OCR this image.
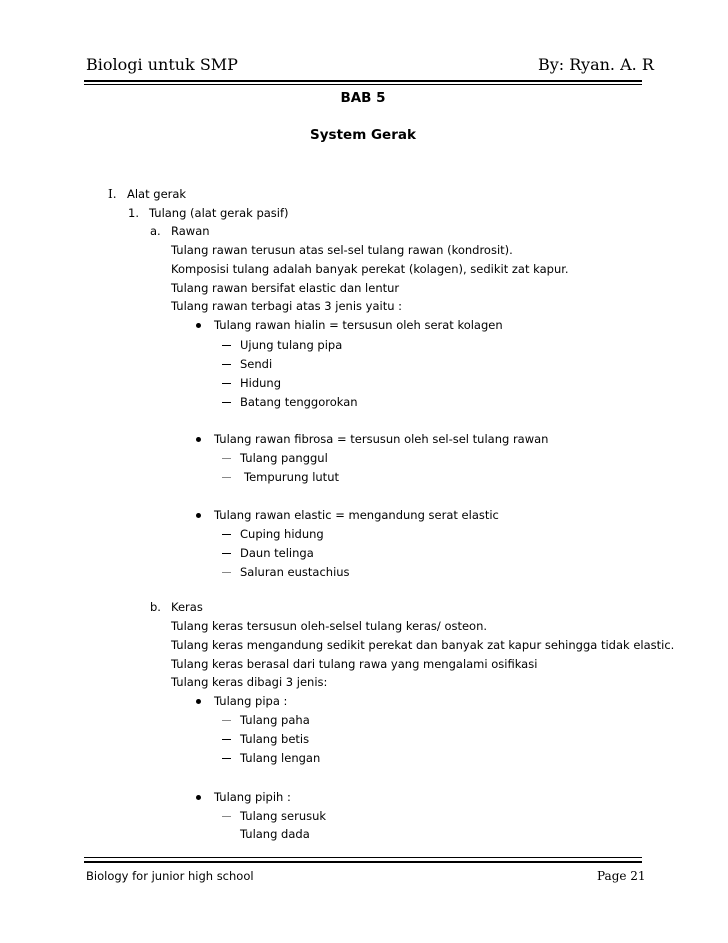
Biologi untuk SMP	By: Ryan. A. R
BAB 5
System Gerak
I. Alat gerak
1. Tulang (alat gerak pasif)
a. Rawan
Tulang rawan terusun atas sel-sel tulang rawan (kondrosit).
Komposisi tulang adalah banyak perekat (kolagen), sedikit zat kapur.
Tulang rawan bersifat elastic dan lentur
Tulang rawan terbagi atas 3 jenis yaitu :
Tulang rawan hialin = tersusun oleh serat kolagen
Ujung tulang pipa
Sendi
Hidung
Batang tenggorokan
Tulang rawan fibrosa = tersusun oleh sel-sel tulang rawan
Tulang panggul
Tempurung lutut
Tulang rawan elastic = mengandung serat elastic
Cuping hidung
Daun telinga
Saluran eustachius
b. Keras
Tulang keras tersusun oleh-selsel tulang keras/ osteon.
Tulang keras mengandung sedikit perekat dan banyak zat kapur sehingga tidak elastic.
Tulang keras berasal dari tulang rawa yang mengalami osifikasi
Tulang keras dibagi 3 jenis:
Tulang pipa :
Tulang paha
Tulang betis
Tulang lengan
Tulang pipih :
Tulang serusuk
Tulang dada
Biology for junior high school	Page 21
